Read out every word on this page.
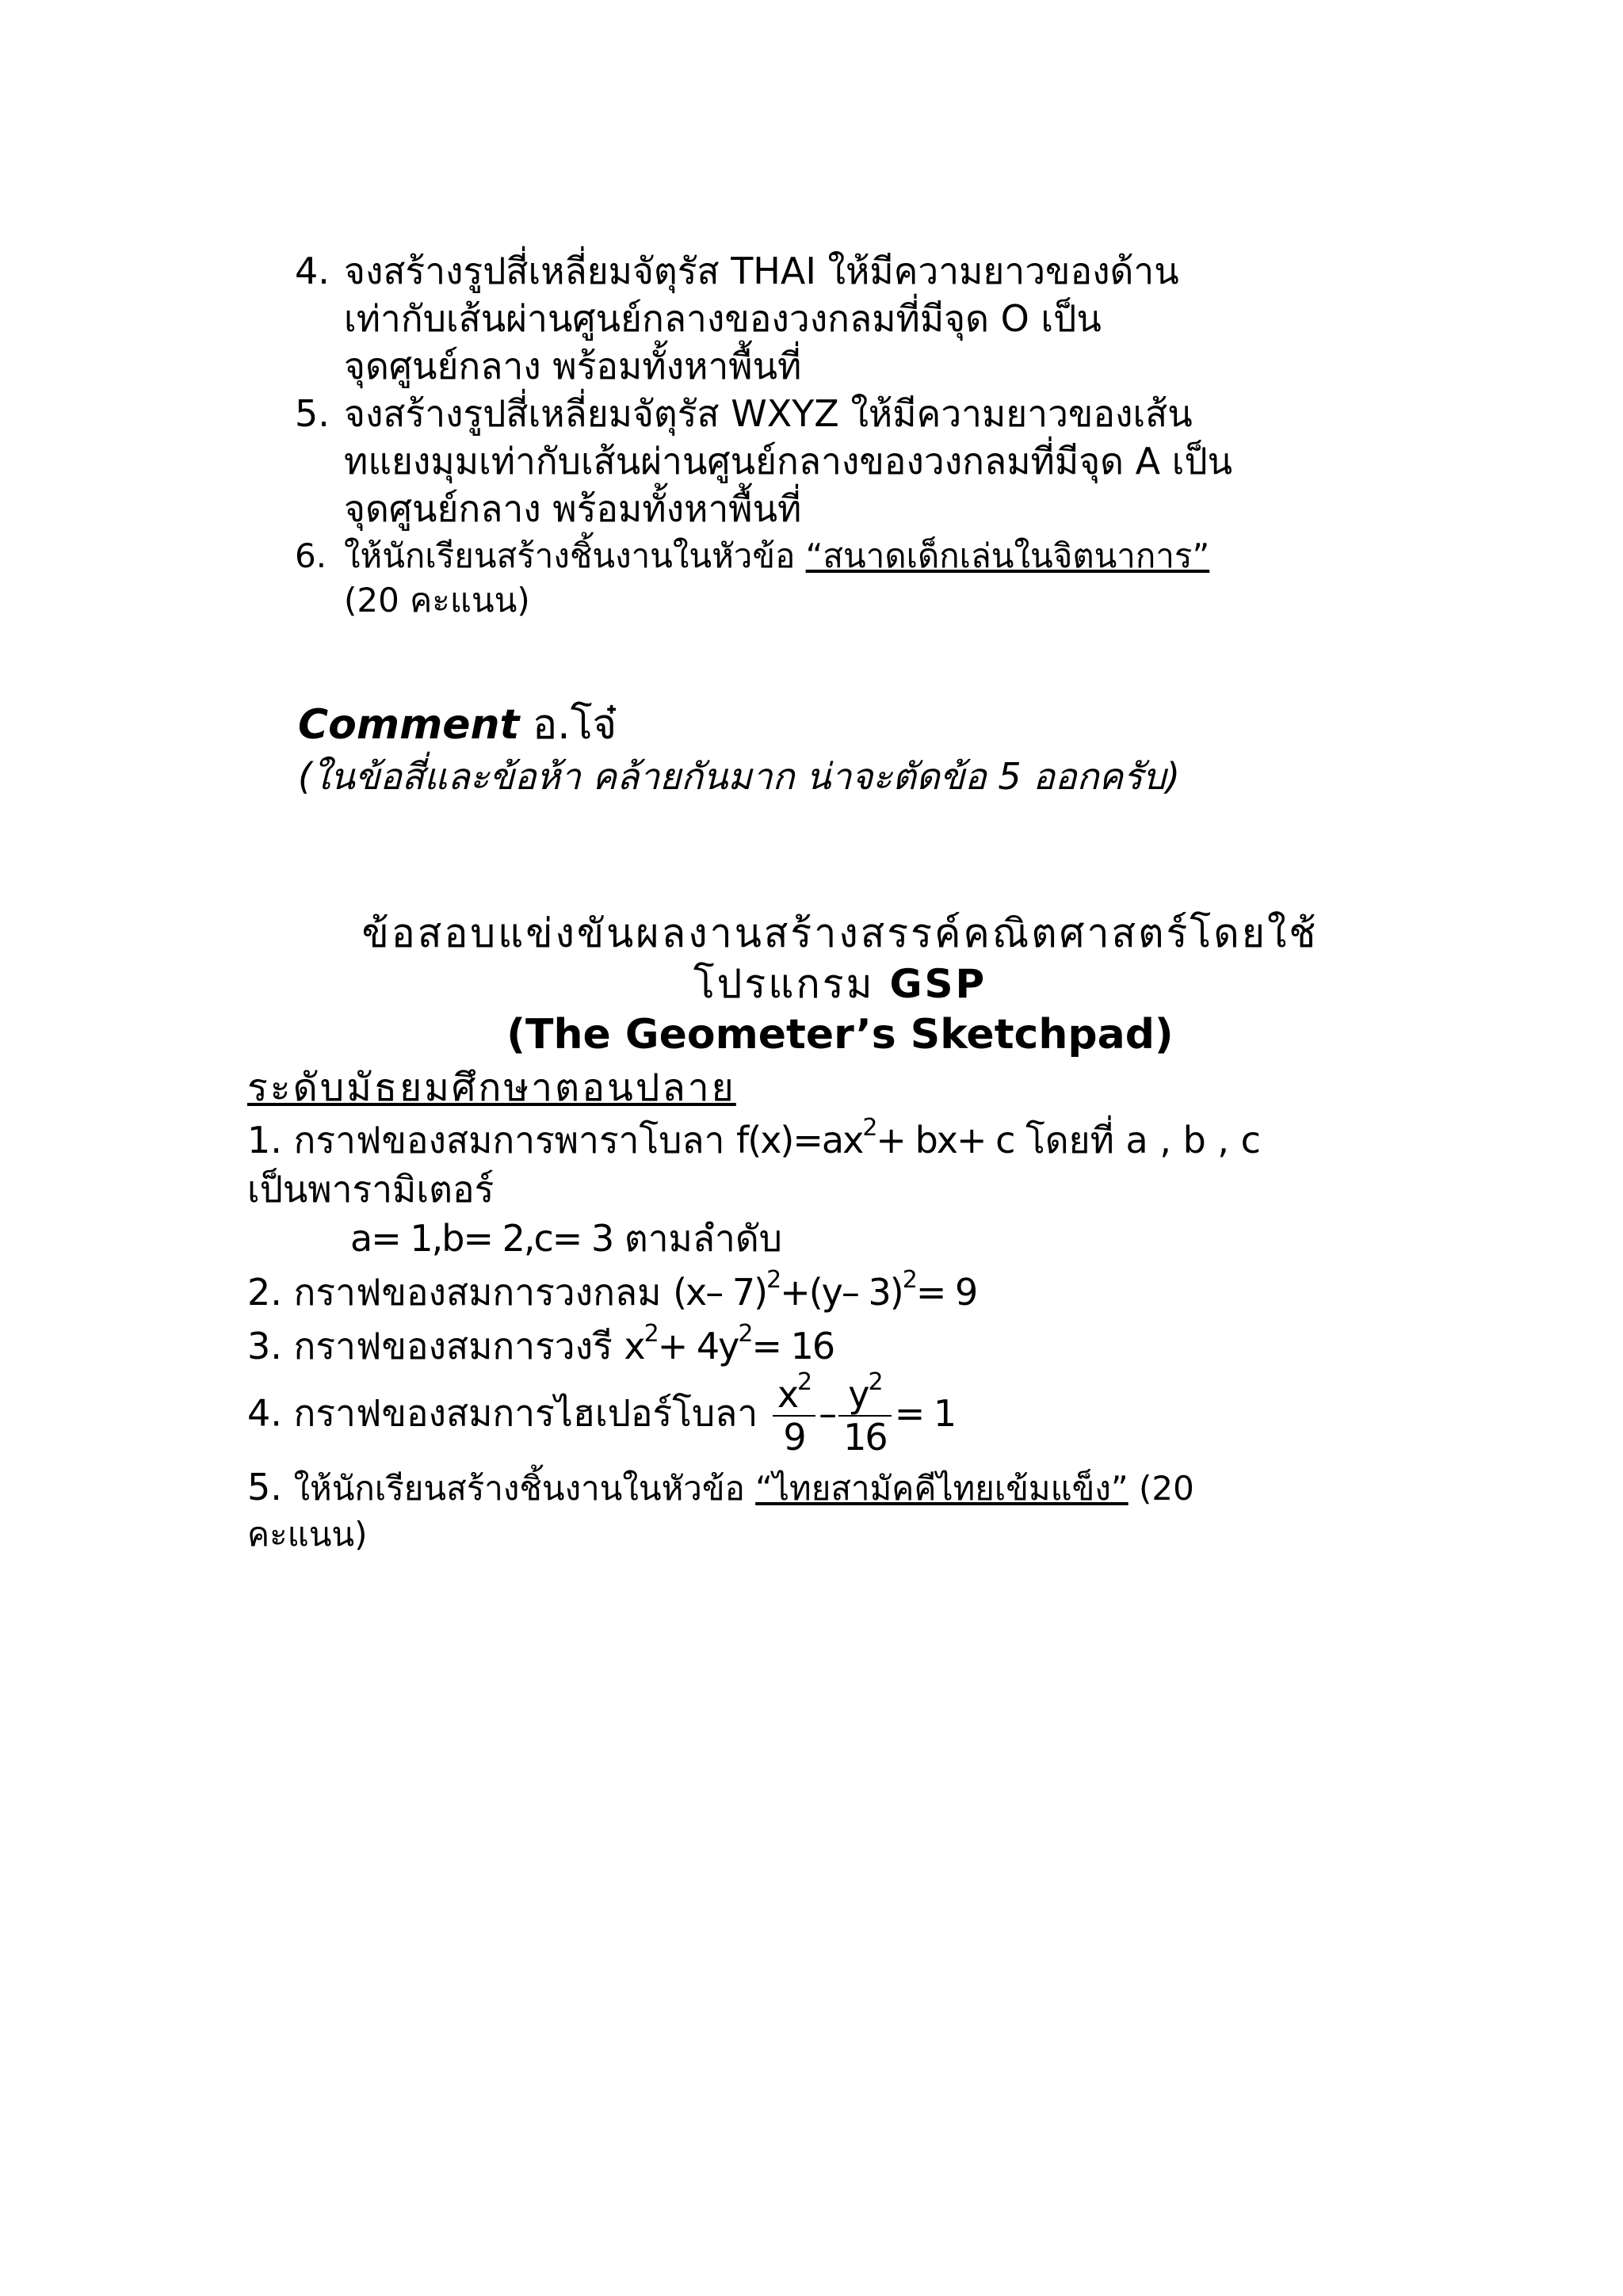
4. จงสร้างรูปสี่เหลี่ยมจัตุรัส THAI ให้มีความยาวของด้าน
เท่ากับเส้นผ่านศูนย์กลางของวงกลมที่มีจุด O เป็น
จุดศูนย์กลาง พร้อมทั้งหาพื้นที่
5. จงสร้างรูปสี่เหลี่ยมจัตุรัส WXYZ ให้มีความยาวของเส้น
ทแยงมุมเท่ากับเส้นผ่านศูนย์กลางของวงกลมที่มีจุด A เป็น
จุดศูนย์กลาง พร้อมทั้งหาพื้นที่
6. ให้นักเรียนสร้างชิ้นงานในหัวข้อ “สนาดเด็กเล่นในจิตนาการ”
(20 คะแนน)
Comment อ.โจ๋
(ในข้อสี่และข้อห้า คล้ายกันมาก น่าจะตัดข้อ 5 ออกครับ)
ข้อสอบแข่งขันผลงานสร้างสรรค์คณิตศาสตร์โดยใช้
โปรแกรม GSP
(The Geometer’s Sketchpad)
ระดับมัธยมศึกษาตอนปลาย
1. กราฟของสมการพาราโบลา $f(x)=ax^2+ bx+ c$ โดยที่ a , b , c
เป็นพารามิเตอร์
a= 1,b= 2,c= 3 ตามลำดับ
2. กราฟของสมการวงกลม (x– 7)$^2$+(y– 3)$^2$= 9
3. กราฟของสมการวงรี $x^2+ 4y^2= 16$
4. กราฟของสมการไฮเปอร์โบลา $\frac{x^2}{9} - \frac{y^2}{16} = 1$
5. ให้นักเรียนสร้างชิ้นงานในหัวข้อ “ไทยสามัคคีไทยเข้มแข็ง” (20
คะแนน)
